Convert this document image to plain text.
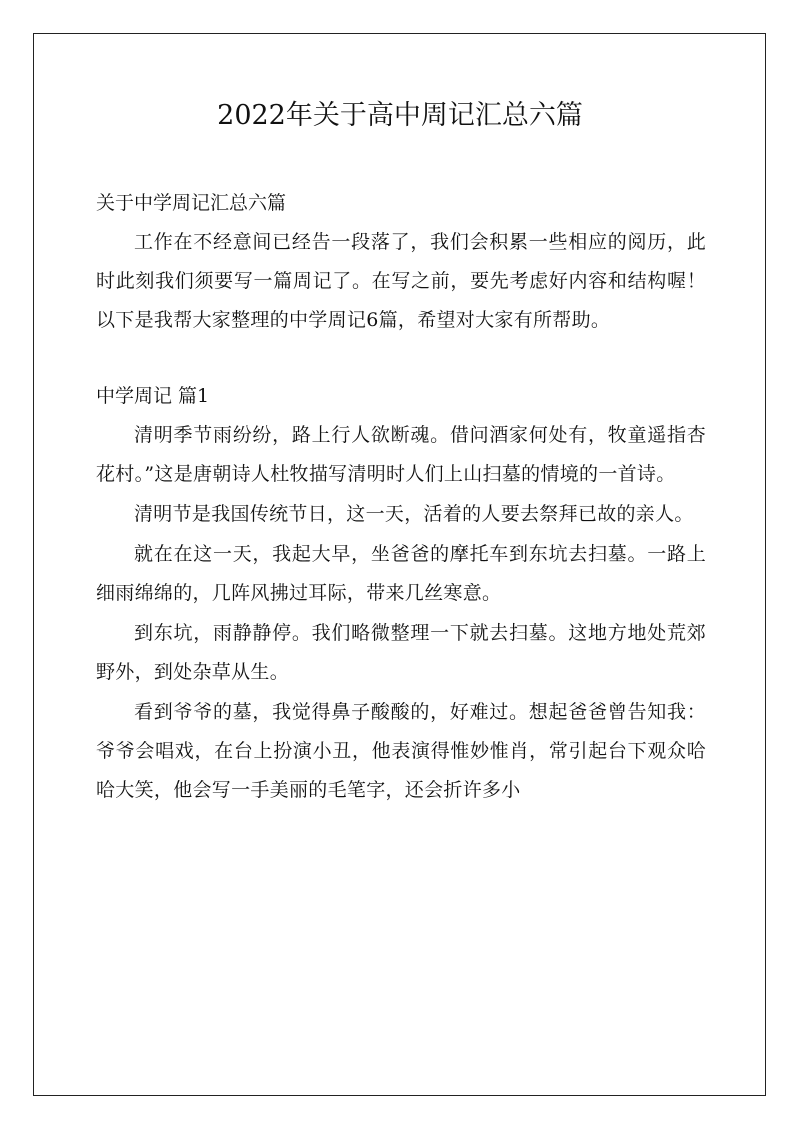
2022年关于高中周记汇总六篇

关于中学周记汇总六篇

工作在不经意间已经告一段落了，我们会积累一些相应的阅历，此时此刻我们须要写一篇周记了。在写之前，要先考虑好内容和结构喔！以下是我帮大家整理的中学周记6篇，希望对大家有所帮助。

中学周记 篇1

清明季节雨纷纷，路上行人欲断魂。借问酒家何处有，牧童遥指杏花村。”这是唐朝诗人杜牧描写清明时人们上山扫墓的情境的一首诗。

清明节是我国传统节日，这一天，活着的人要去祭拜已故的亲人。

就在在这一天，我起大早，坐爸爸的摩托车到东坑去扫墓。一路上细雨绵绵的，几阵风拂过耳际，带来几丝寒意。

到东坑，雨静静停。我们略微整理一下就去扫墓。这地方地处荒郊野外，到处杂草从生。

看到爷爷的墓，我觉得鼻子酸酸的，好难过。想起爸爸曾告知我：爷爷会唱戏，在台上扮演小丑，他表演得惟妙惟肖，常引起台下观众哈哈大笑，他会写一手美丽的毛笔字，还会折许多小
